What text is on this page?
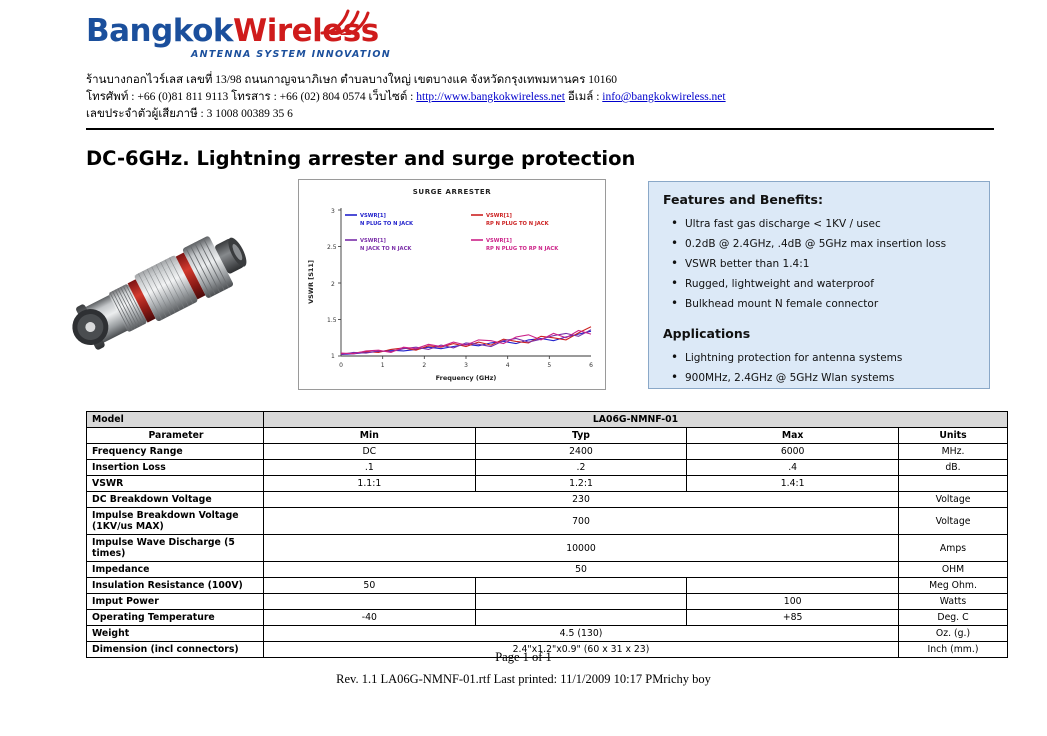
BangkokWireless
ANTENNA SYSTEM INNOVATION
ร้านบางกอกไวร์เลส เลขที่ 13/98 ถนนกาญจนาภิเษก ตำบลบางใหญ่ เขตบางแค จังหวัดกรุงเทพมหานคร 10160
โทรศัพท์ : +66 (0)81 811 9113 โทรสาร : +66 (02) 804 0574 เว็บไซต์ : http://www.bangkokwireless.net อีเมล์ : info@bangkokwireless.net
เลขประจำตัวผู้เสียภาษี : 3 1008 00389 35 6
DC-6GHz. Lightning arrester and surge protection
SURGE ARRESTER
VSWR[1]
N PLUG TO N JACK
VSWR[1]
RP N PLUG TO N JACK
VSWR[1]
N JACK TO N JACK
VSWR[1]
RP N PLUG TO RP N JACK
1
1.5
2
2.5
3
0	1	2	3	4	5	6
Frequency (GHz)
VSWR [S11]
Features and Benefits:
• Ultra fast gas discharge < 1KV / usec
• 0.2dB @ 2.4GHz, .4dB @ 5GHz max insertion loss
• VSWR better than 1.4:1
• Rugged, lightweight and waterproof
• Bulkhead mount N female connector
Applications
• Lightning protection for antenna systems
• 900MHz, 2.4GHz @ 5GHz Wlan systems
Model	LA06G-NMNF-01			
Parameter	Min	Typ	Max	Units
Frequency Range	DC	2400	6000	MHz.
Insertion Loss	.1	.2	.4	dB.
VSWR	1.1:1	1.2:1	1.4:1	
DC Breakdown Voltage	230			Voltage
Impulse Breakdown Voltage (1KV/us MAX)	700			Voltage
Impulse Wave Discharge (5 times)	10000			Amps
Impedance	50			OHM
Insulation Resistance (100V)	50			Meg Ohm.
Imput Power			100	Watts
Operating Temperature	-40		+85	Deg. C
Weight	4.5 (130)			Oz. (g.)
Dimension (incl connectors)	2.4"x1.2"x0.9" (60 x 31 x 23)			Inch (mm.)
Page 1 of 1
Rev. 1.1 LA06G-NMNF-01.rtf Last printed: 11/1/2009 10:17 PMrichy boy
